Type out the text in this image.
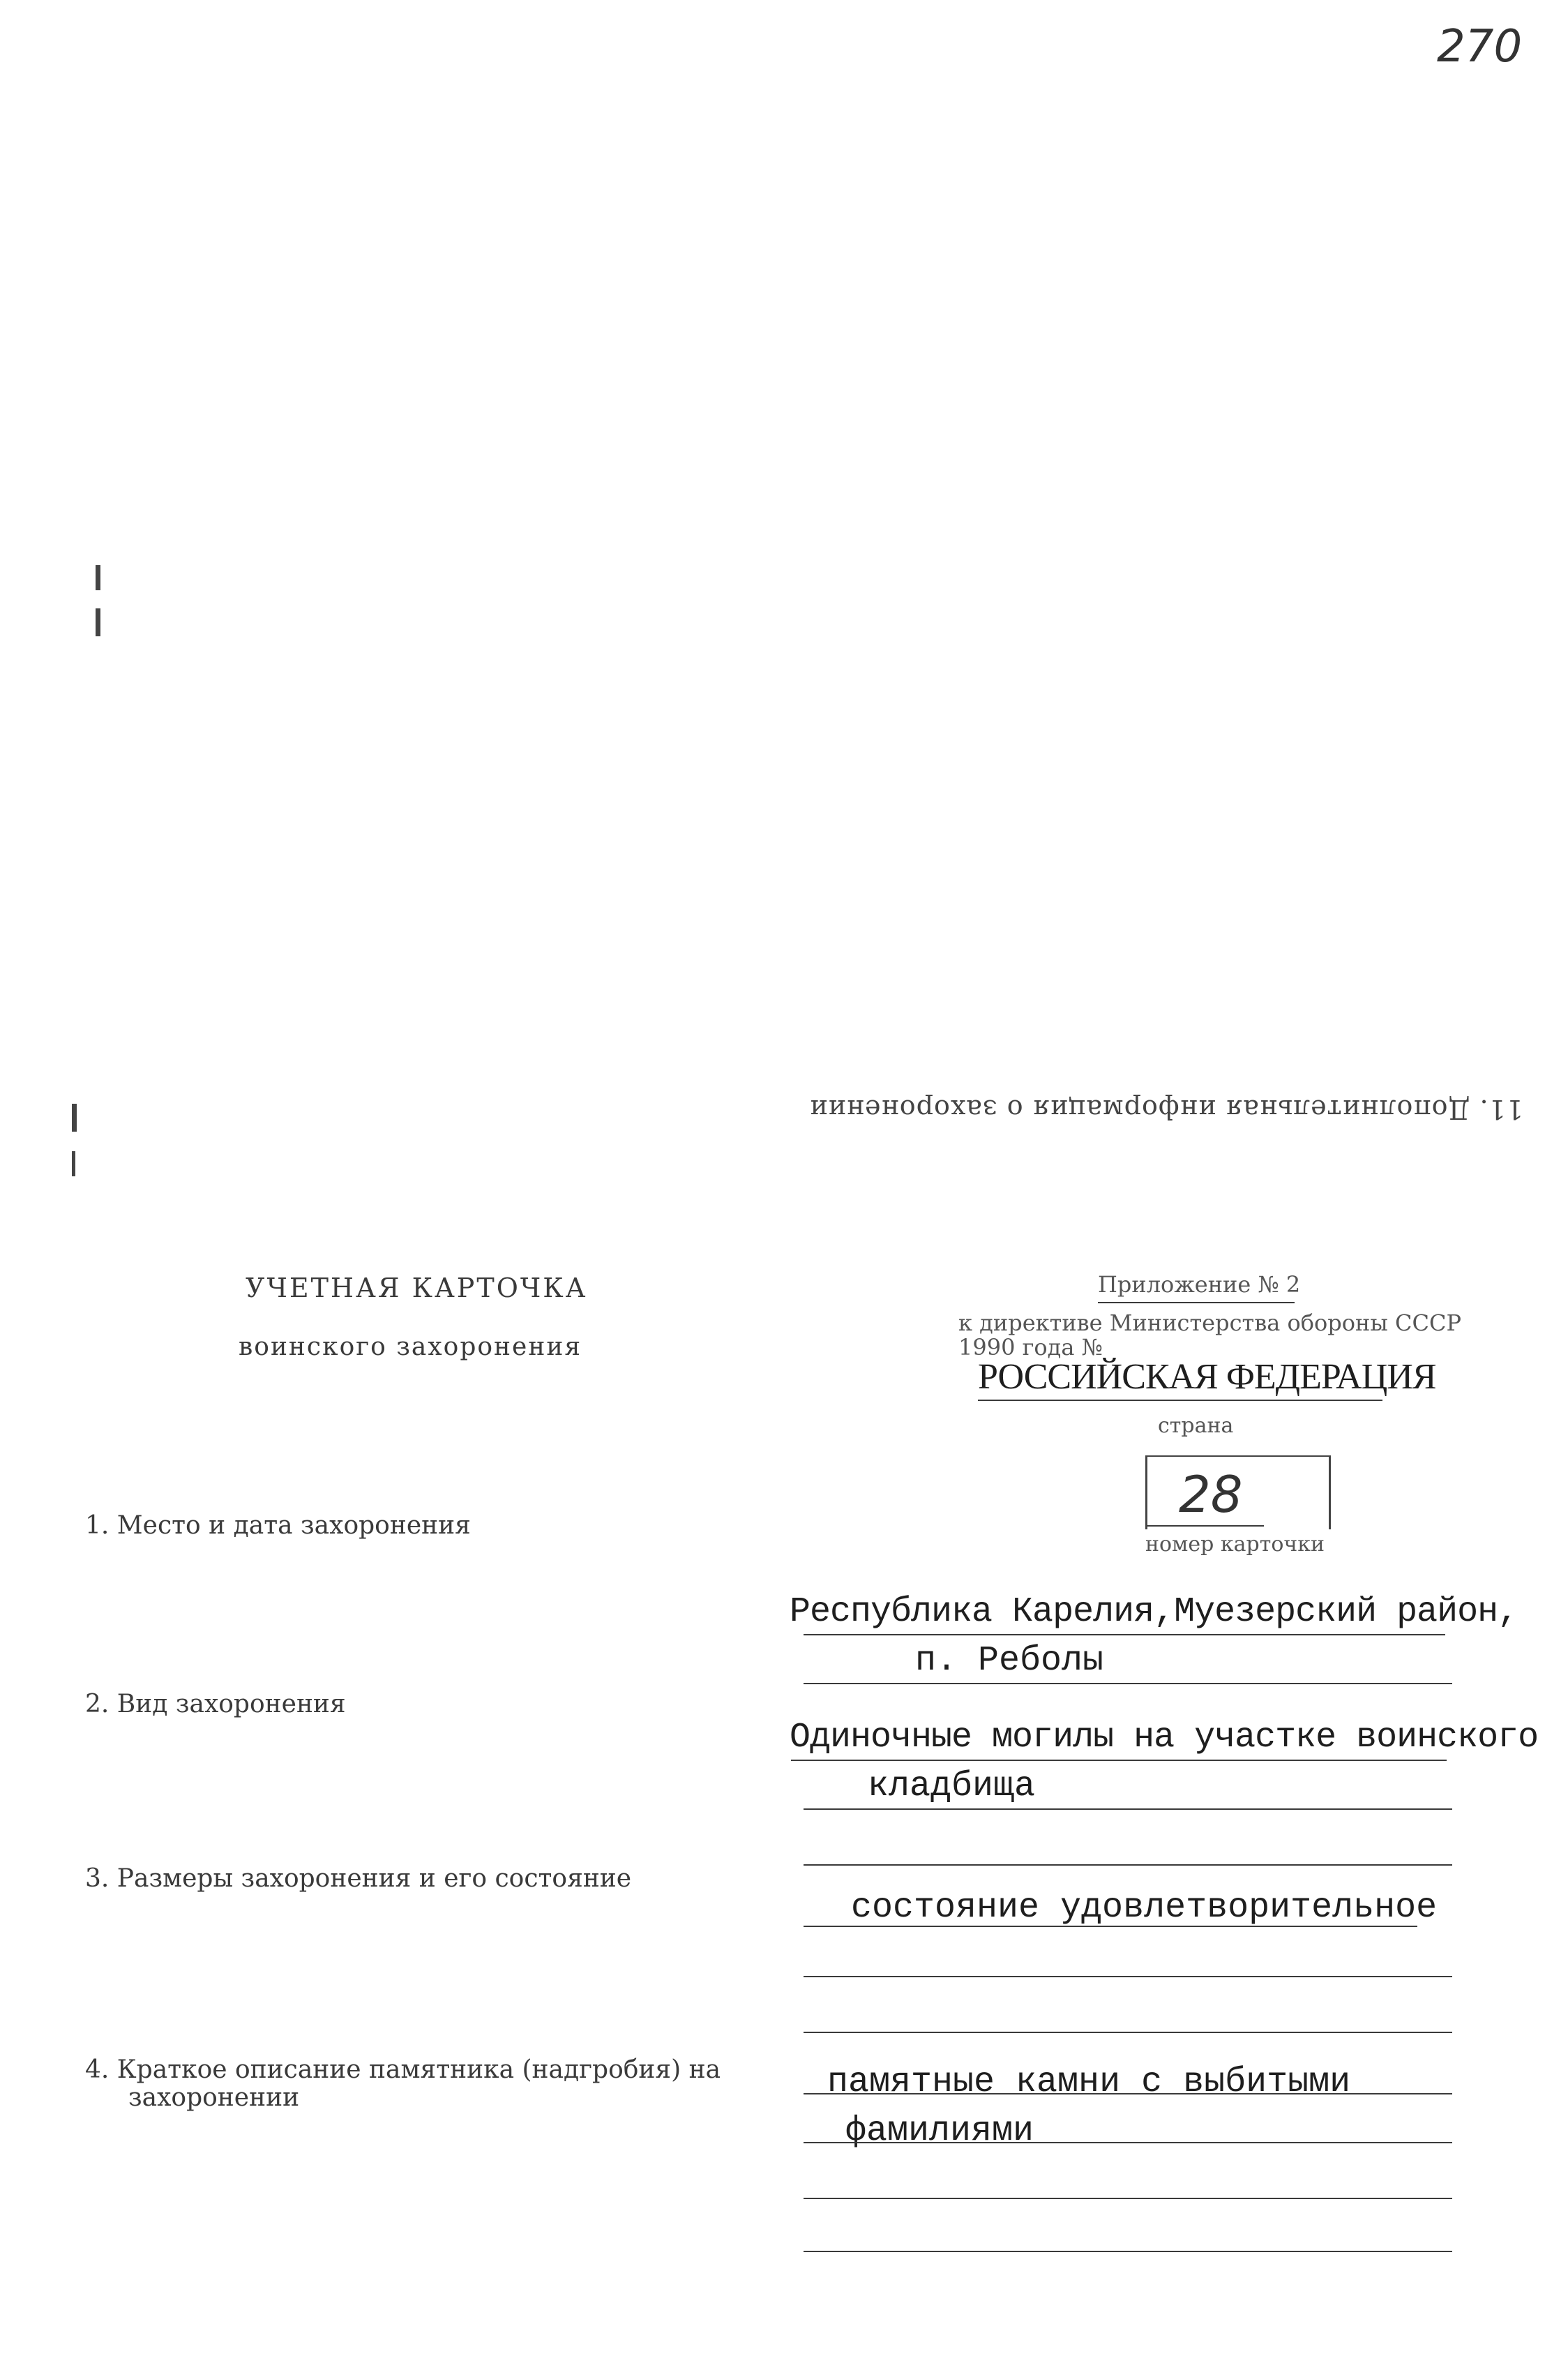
270
11. Дополнительная информация о захоронении
УЧЕТНАЯ КАРТОЧКА
воинского захоронения
Приложение № 2
к директиве Министерства обороны СССР
1990 года №
РОССИЙСКАЯ ФЕДЕРАЦИЯ
страна
28
номер карточки
1. Место и дата захоронения
Республика Карелия,Муезерский район,
п. Реболы
2. Вид захоронения
Одиночные могилы на участке воинского
кладбища
3. Размеры захоронения и его состояние
состояние удовлетворительное
4. Краткое описание памятника (надгробия) на
захоронении	памятные камни с выбитыми
фамилиями
